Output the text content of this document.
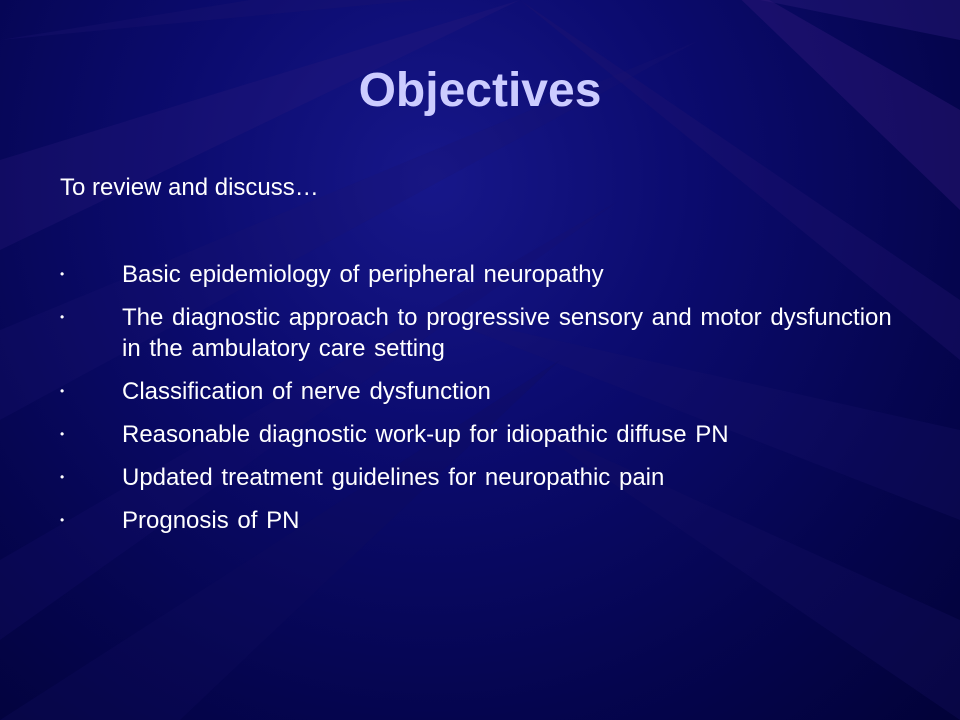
Objectives

To review and discuss…

• Basic epidemiology of peripheral neuropathy
• The diagnostic approach to progressive sensory and motor dysfunction in the ambulatory care setting
• Classification of nerve dysfunction
• Reasonable diagnostic work-up for idiopathic diffuse PN
• Updated treatment guidelines for neuropathic pain
• Prognosis of PN
